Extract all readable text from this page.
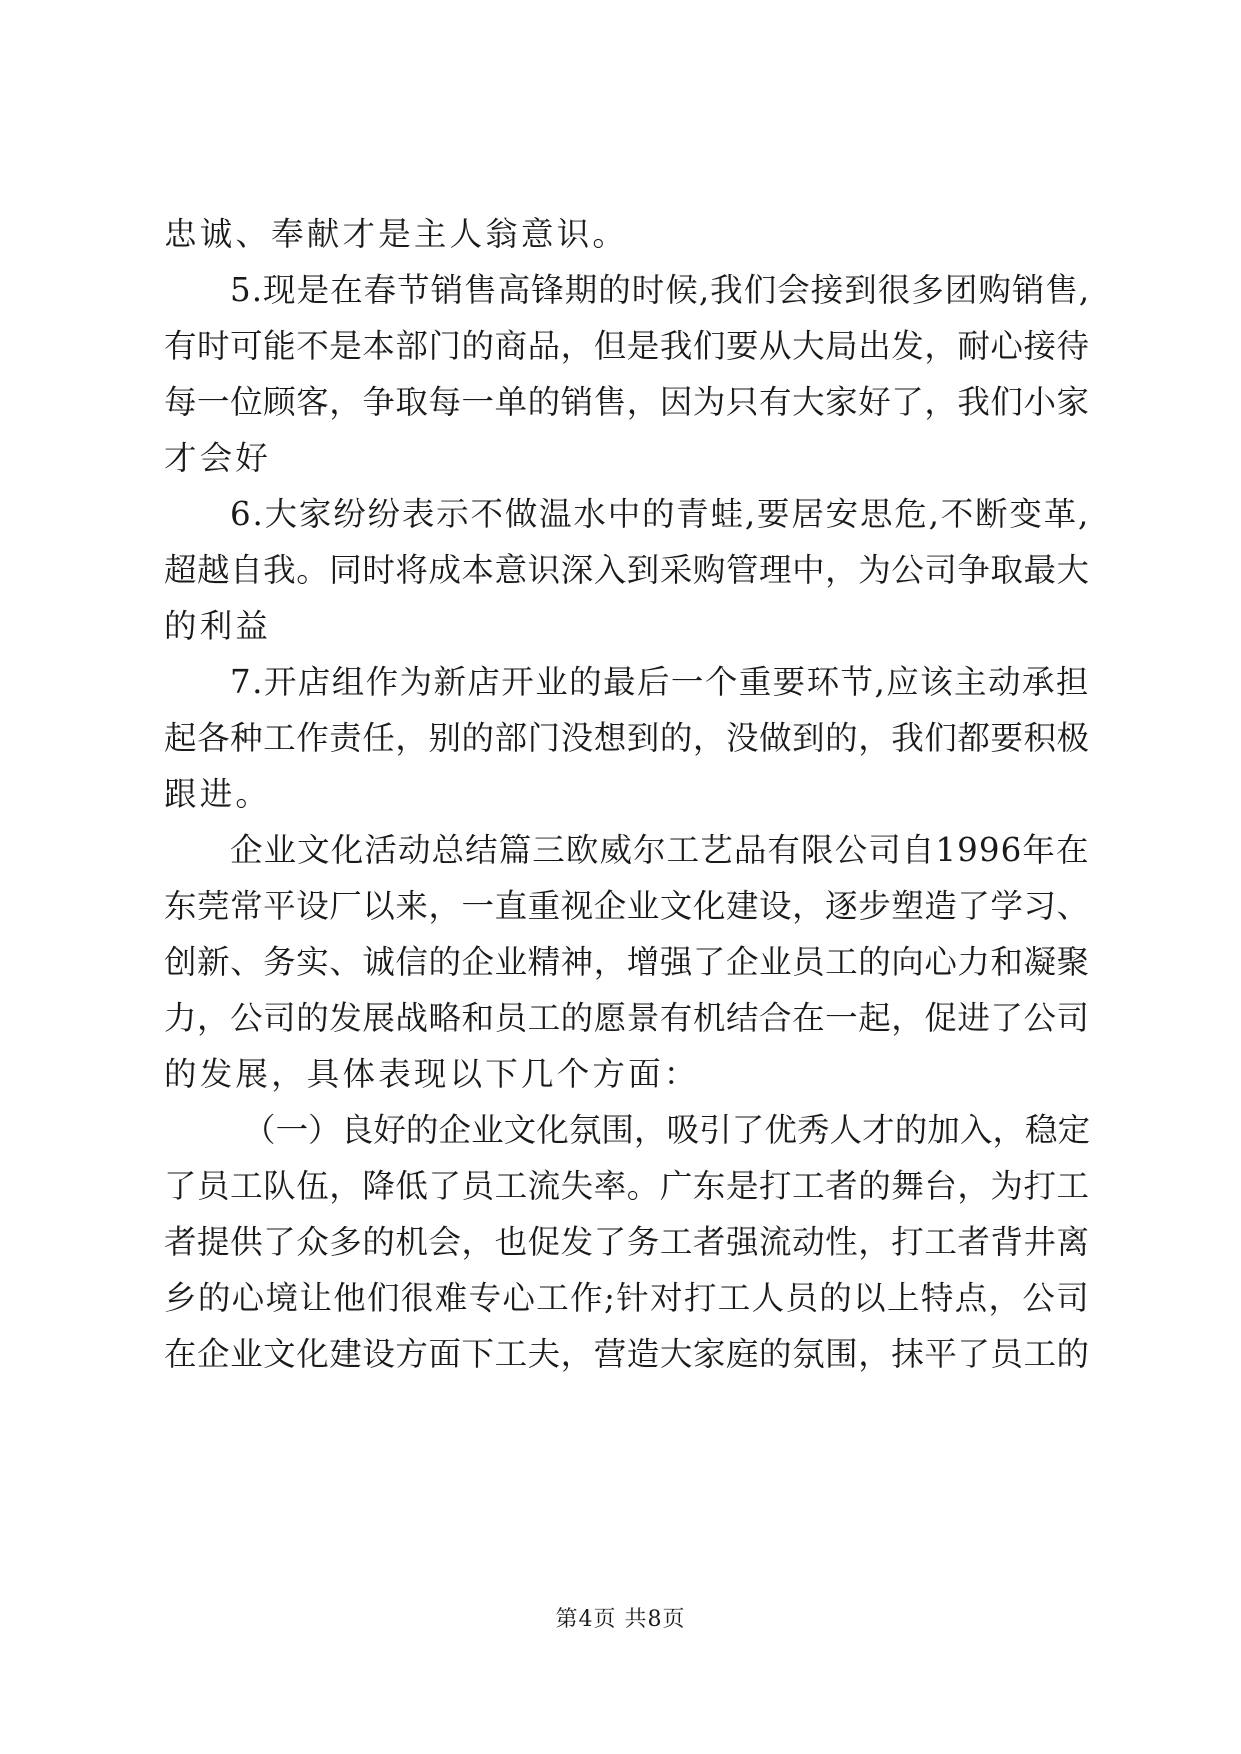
忠诚、奉献才是主人翁意识。
5.现是在春节销售高锋期的时候,我们会接到很多团购销售,
有时可能不是本部门的商品，但是我们要从大局出发，耐心接待
每一位顾客，争取每一单的销售，因为只有大家好了，我们小家
才会好
6.大家纷纷表示不做温水中的青蛙,要居安思危,不断变革,
超越自我。同时将成本意识深入到采购管理中，为公司争取最大
的利益
7.开店组作为新店开业的最后一个重要环节,应该主动承担
起各种工作责任，别的部门没想到的，没做到的，我们都要积极
跟进。
企业文化活动总结篇三欧威尔工艺品有限公司自1996年在
东莞常平设厂以来，一直重视企业文化建设，逐步塑造了学习、
创新、务实、诚信的企业精神，增强了企业员工的向心力和凝聚
力，公司的发展战略和员工的愿景有机结合在一起，促进了公司
的发展，具体表现以下几个方面：
（一）良好的企业文化氛围，吸引了优秀人才的加入，稳定
了员工队伍，降低了员工流失率。广东是打工者的舞台，为打工
者提供了众多的机会，也促发了务工者强流动性，打工者背井离
乡的心境让他们很难专心工作;针对打工人员的以上特点，公司
在企业文化建设方面下工夫，营造大家庭的氛围，抹平了员工的
第4页 共8页
